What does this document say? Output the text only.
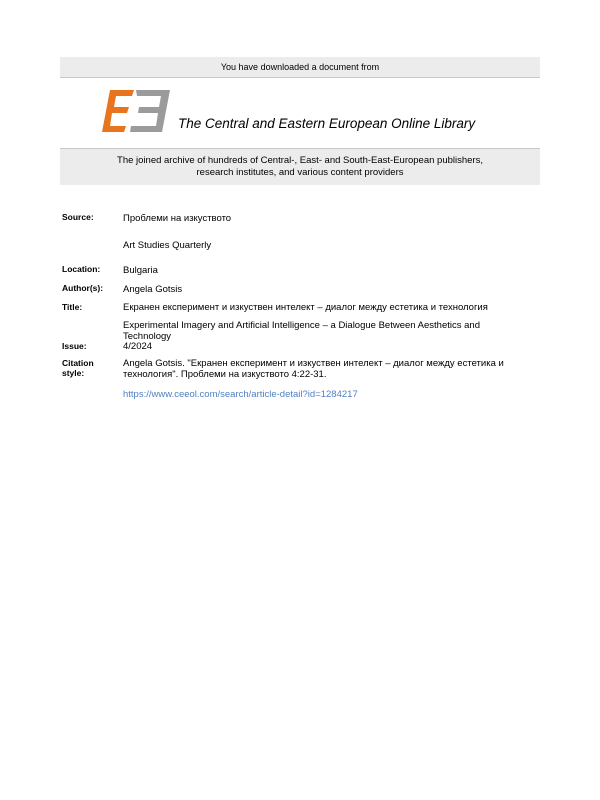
You have downloaded a document from
The Central and Eastern European Online Library
The joined archive of hundreds of Central-, East- and South-East-European publishers,
research institutes, and various content providers
Source:	Проблеми на изкуството
Art Studies Quarterly
Location:	Bulgaria
Author(s):	Angela Gotsis
Title:	Екранен експеримент и изкуствен интелект – диалог между естетика и технология
Experimental Imagery and Artificial Intelligence – a Dialogue Between Aesthetics and Technology
Issue:	4/2024
Citation
style:
Angela Gotsis. "Екранен експеримент и изкуствен интелект – диалог между естетика и технология". Проблеми на изкуството 4:22-31.
https://www.ceeol.com/search/article-detail?id=1284217
